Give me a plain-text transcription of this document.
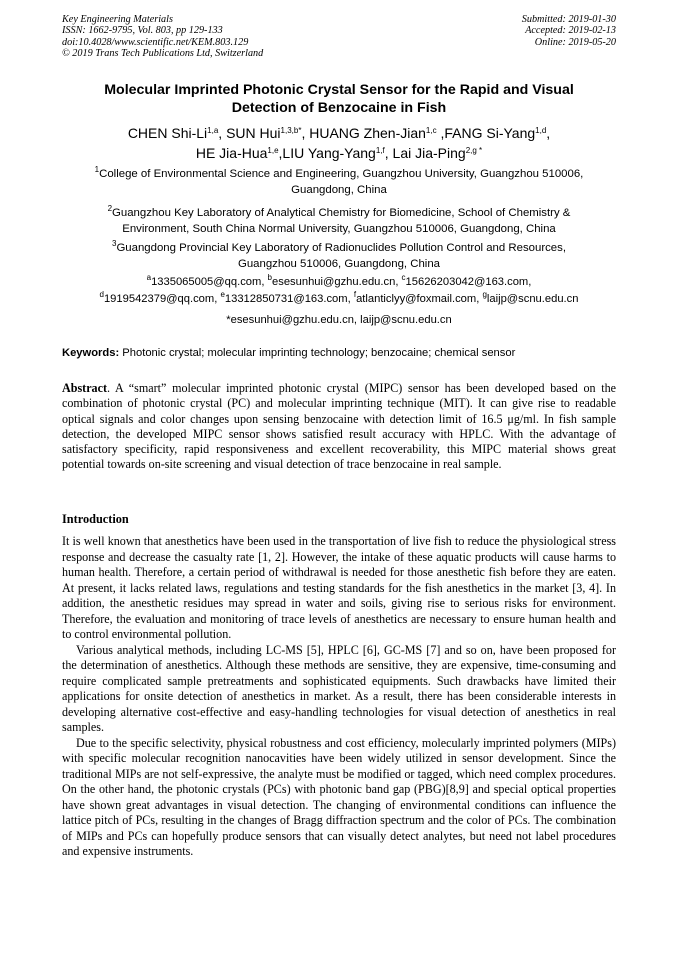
Key Engineering Materials
ISSN: 1662-9795, Vol. 803, pp 129-133
doi:10.4028/www.scientific.net/KEM.803.129
© 2019 Trans Tech Publications Ltd, Switzerland
Submitted: 2019-01-30
Accepted: 2019-02-13
Online: 2019-05-20
Molecular Imprinted Photonic Crystal Sensor for the Rapid and Visual
Detection of Benzocaine in Fish
CHEN Shi-Li$^{1,a}$, SUN Hui$^{1,3,b*}$, HUANG Zhen-Jian$^{1,c}$ ,FANG Si-Yang$^{1,d}$,
HE Jia-Hua$^{1,e}$,LIU Yang-Yang$^{1,f}$, Lai Jia-Ping$^{2,g *}$
$^1$College of Environmental Science and Engineering, Guangzhou University, Guangzhou 510006,
Guangdong, China
$^2$Guangzhou Key Laboratory of Analytical Chemistry for Biomedicine, School of Chemistry &
Environment, South China Normal University, Guangzhou 510006, Guangdong, China
$^3$Guangdong Provincial Key Laboratory of Radionuclides Pollution Control and Resources,
Guangzhou 510006, Guangdong, China
$^a$1335065005@qq.com, $^b$esesunhui@gzhu.edu.cn, $^c$15626203042@163.com,
$^d$1919542379@qq.com, $^e$13312850731@163.com, $^f$atlanticlyy@foxmail.com, $^g$laijp@scnu.edu.cn
*esesunhui@gzhu.edu.cn, laijp@scnu.edu.cn
Keywords: Photonic crystal; molecular imprinting technology; benzocaine; chemical sensor
Abstract. A “smart” molecular imprinted photonic crystal (MIPC) sensor has been developed based on the combination of photonic crystal (PC) and molecular imprinting technique (MIT). It can give rise to readable optical signals and color changes upon sensing benzocaine with detection limit of 16.5 μg/ml. In fish sample detection, the developed MIPC sensor shows satisfied result accuracy with HPLC. With the advantage of satisfactory specificity, rapid responsiveness and excellent recoverability, this MIPC material shows great potential towards on-site screening and visual detection of trace benzocaine in real sample.
Introduction

It is well known that anesthetics have been used in the transportation of live fish to reduce the physiological stress response and decrease the casualty rate [1, 2]. However, the intake of these aquatic products will cause harms to human health. Therefore, a certain period of withdrawal is needed for those anesthetic fish before they are eaten. At present, it lacks related laws, regulations and testing standards for the fish anesthetics in the market [3, 4]. In addition, the anesthetic residues may spread in water and soils, giving rise to serious risks for environment. Therefore, the evaluation and monitoring of trace levels of anesthetics are necessary to ensure human health and to control environmental pollution.

Various analytical methods, including LC-MS [5], HPLC [6], GC-MS [7] and so on, have been proposed for the determination of anesthetics. Although these methods are sensitive, they are expensive, time-consuming and require complicated sample pretreatments and sophisticated equipments. Such drawbacks have limited their applications for onsite detection of anesthetics in market. As a result, there has been considerable interests in developing alternative cost-effective and easy-handling technologies for visual detection of anesthetics in real samples.

Due to the specific selectivity, physical robustness and cost efficiency, molecularly imprinted polymers (MIPs) with specific molecular recognition nanocavities have been widely utilized in sensor development. Since the traditional MIPs are not self-expressive, the analyte must be modified or tagged, which need complex procedures. On the other hand, the photonic crystals (PCs) with photonic band gap (PBG)[8,9] and special optical properties have shown great advantages in visual detection. The changing of environmental conditions can influence the lattice pitch of PCs, resulting in the changes of Bragg diffraction spectrum and the color of PCs. The combination of MIPs and PCs can hopefully produce sensors that can visually detect analytes, but need not label procedures and expensive instruments.
